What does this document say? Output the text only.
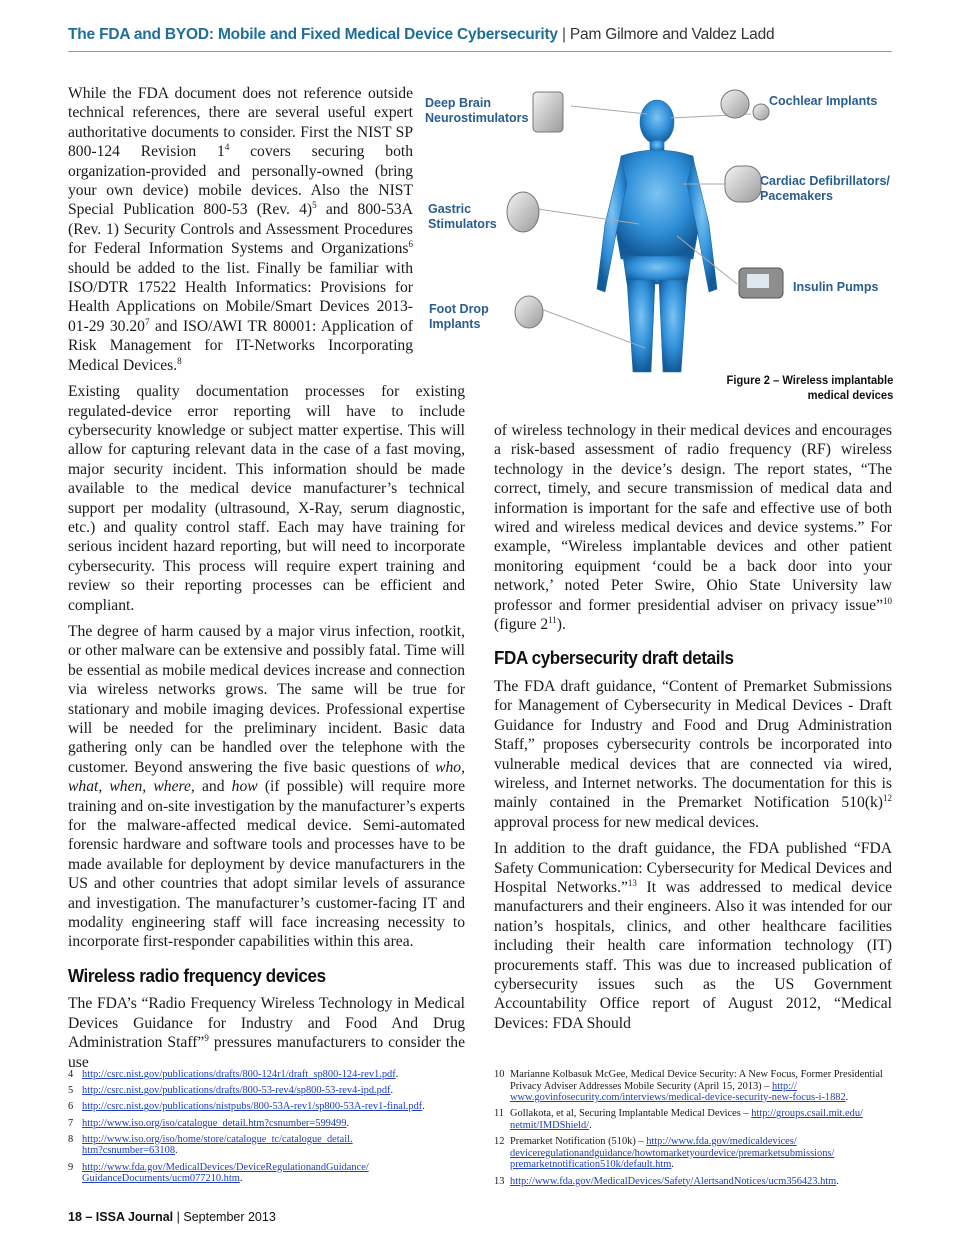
The FDA and BYOD: Mobile and Fixed Medical Device Cybersecurity | Pam Gilmore and Valdez Ladd

While the FDA document does not reference outside technical references, there are several useful expert authoritative documents to consider. First the NIST SP 800-124 Revision $1^4$ covers securing both organization-provided and personally-owned (bring your own device) mobile devices. Also the NIST Special Publication 800-53 (Rev. 4)$^5$ and 800-53A (Rev. 1) Security Controls and Assessment Procedures for Federal Information Systems and Organizations$^6$ should be added to the list. Finally be familiar with ISO/DTR 17522 Health Informatics: Provisions for Health Applications on Mobile/Smart Devices 2013-01-29 30.20$^7$ and ISO/AWI TR 80001: Application of Risk Management for IT-Networks Incorporating Medical Devices.$^8$

Existing quality documentation processes for existing regulated-device error reporting will have to include cybersecurity knowledge or subject matter expertise. This will allow for capturing relevant data in the case of a fast moving, major security incident. This information should be made available to the medical device manufacturer’s technical support per modality (ultrasound, X-Ray, serum diagnostic, etc.) and quality control staff. Each may have training for serious incident hazard reporting, but will need to incorporate cybersecurity. This process will require expert training and review so their reporting processes can be efficient and compliant.

The degree of harm caused by a major virus infection, rootkit, or other malware can be extensive and possibly fatal. Time will be essential as mobile medical devices increase and connection via wireless networks grows. The same will be true for stationary and mobile imaging devices. Professional expertise will be needed for the preliminary incident. Basic data gathering only can be handled over the telephone with the customer. Beyond answering the five basic questions of who, what, when, where, and how (if possible) will require more training and on-site investigation by the manufacturer’s experts for the malware-affected medical device. Semi-automated forensic hardware and software tools and processes have to be made available for deployment by device manufacturers in the US and other countries that adopt similar levels of assurance and investigation. The manufacturer’s customer-facing IT and modality engineering staff will face increasing necessity to incorporate first-responder capabilities within this area.

Wireless radio frequency devices

The FDA’s “Radio Frequency Wireless Technology in Medical Devices Guidance for Industry and Food And Drug Administration Staff”$^9$ pressures manufacturers to consider the use

Deep Brain
Neurostimulators
Cochlear Implants
Cardiac Defibrillators/
Pacemakers
Gastric
Stimulators
Insulin Pumps
Foot Drop
Implants
Figure 2 – Wireless implantable
medical devices

of wireless technology in their medical devices and encourages a risk-based assessment of radio frequency (RF) wireless technology in the device’s design. The report states, “The correct, timely, and secure transmission of medical data and information is important for the safe and effective use of both wired and wireless medical devices and device systems.” For example, “Wireless implantable devices and other patient monitoring equipment ‘could be a back door into your network,’ noted Peter Swire, Ohio State University law professor and former presidential adviser on privacy issue”$^{10}$ (figure $2^{11}$).

FDA cybersecurity draft details

The FDA draft guidance, “Content of Premarket Submissions for Management of Cybersecurity in Medical Devices - Draft Guidance for Industry and Food and Drug Administration Staff,” proposes cybersecurity controls be incorporated into vulnerable medical devices that are connected via wired, wireless, and Internet networks. The documentation for this is mainly contained in the Premarket Notification $510(k)^{12}$ approval process for new medical devices.

In addition to the draft guidance, the FDA published “FDA Safety Communication: Cybersecurity for Medical Devices and Hospital Networks.”$^{13}$ It was addressed to medical device manufacturers and their engineers. Also it was intended for our nation’s hospitals, clinics, and other healthcare facilities including their health care information technology (IT) procurements staff. This was due to increased publication of cybersecurity issues such as the US Government Accountability Office report of August 2012, “Medical Devices: FDA Should

4 http://csrc.nist.gov/publications/drafts/800-124r1/draft_sp800-124-rev1.pdf.
5 http://csrc.nist.gov/publications/drafts/800-53-rev4/sp800-53-rev4-ipd.pdf.
6 http://csrc.nist.gov/publications/nistpubs/800-53A-rev1/sp800-53A-rev1-final.pdf.
7 http://www.iso.org/iso/catalogue_detail.htm?csnumber=599499.
8 http://www.iso.org/iso/home/store/catalogue_tc/catalogue_detail.
htm?csnumber=63108.
9 http://www.fda.gov/MedicalDevices/DeviceRegulationandGuidance/
GuidanceDocuments/ucm077210.htm.
10 Marianne Kolbasuk McGee, Medical Device Security: A New Focus, Former Presidential Privacy Adviser Addresses Mobile Security (April 15, 2013) – http://
www.govinfosecurity.com/interviews/medical-device-security-new-focus-i-1882.
11 Gollakota, et al, Securing Implantable Medical Devices – http://groups.csail.mit.edu/
netmit/IMDShield/.
12 Premarket Notification (510k) – http://www.fda.gov/medicaldevices/
deviceregulationandguidance/howtomarketyourdevice/premarketsubmissions/
premarketnotification510k/default.htm.
13 http://www.fda.gov/MedicalDevices/Safety/AlertsandNotices/ucm356423.htm.
18 – ISSA Journal | September 2013
